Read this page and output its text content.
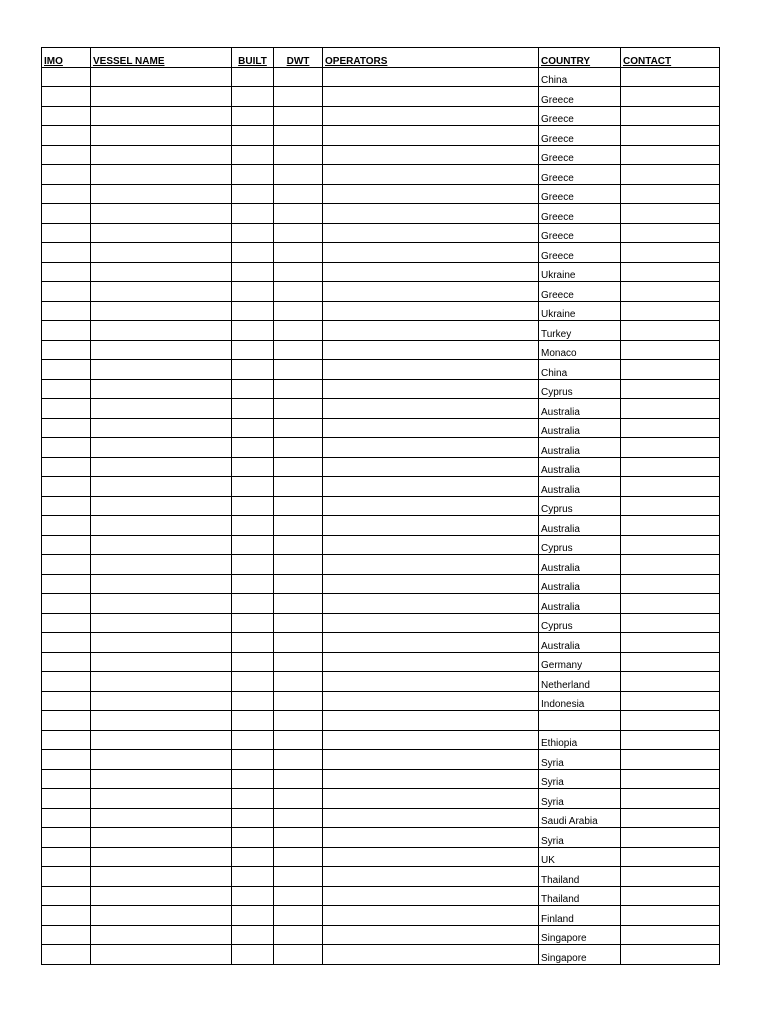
IMO	VESSEL NAME	BUILT	DWT	OPERATORS	COUNTRY	CONTACT
					China	
					Greece	
					Greece	
					Greece	
					Greece	
					Greece	
					Greece	
					Greece	
					Greece	
					Greece	
					Ukraine	
					Greece	
					Ukraine	
					Turkey	
					Monaco	
					China	
					Cyprus	
					Australia	
					Australia	
					Australia	
					Australia	
					Australia	
					Cyprus	
					Australia	
					Cyprus	
					Australia	
					Australia	
					Australia	
					Cyprus	
					Australia	
					Germany	
					Netherland	
					Indonesia	

					Ethiopia	
					Syria	
					Syria	
					Syria	
					Saudi Arabia	
					Syria	
					UK	
					Thailand	
					Thailand	
					Finland	
					Singapore	
					Singapore	
